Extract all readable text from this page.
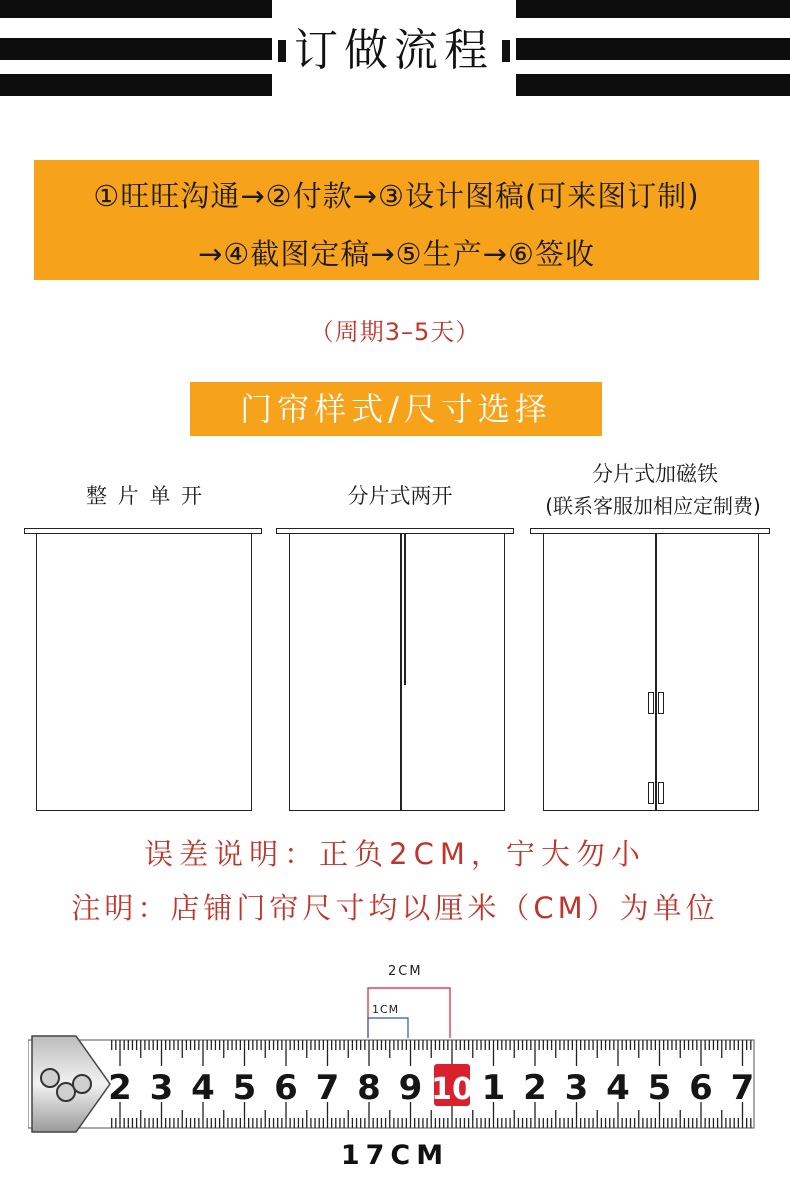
订做流程
①旺旺沟通→②付款→③设计图稿(可来图订制)
→④截图定稿→⑤生产→⑥签收
（周期3–5天）
门帘样式/尺寸选择
整 片 单 开	分片式两开
分片式加磁铁
(联系客服加相应定制费)
误差说明：正负2CM，宁大勿小
注明：店铺门帘尺寸均以厘米（CM）为单位
2CM
1CM
2 3 4 5 6 7 8 9 10 1 2 3 4 5 6 7
17CM
